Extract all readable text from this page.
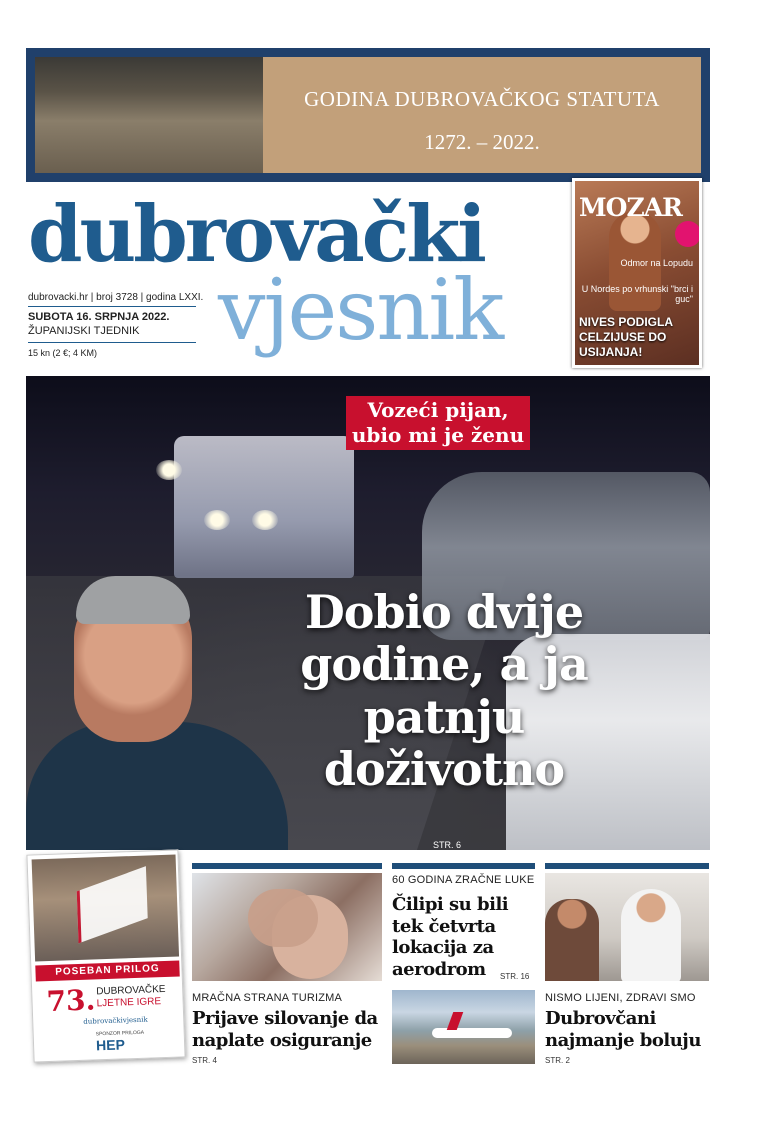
GODINA DUBROVAČKOG STATUTA
1272. – 2022.
dubrovački
vjesnik
dubrovacki.hr | broj 3728 | godina LXXI.
SUBOTA 16. SRPNJA 2022.
ŽUPANIJSKI TJEDNIK
15 kn (2 €; 4 KM)
MOZAR
Odmor na Lopudu
U Nordes po vrhunski "brci i guc"
NIVES PODIGLA CELZIJUSE DO USIJANJA!
Vozeći pijan, ubio mi je ženu
Dobio dvije godine, a ja patnju doživotno
STR. 6
POSEBAN PRILOG
73. DUBROVAČKE
LJETNE IGRE
dubrovačkivjesnik
SPONZOR PRILOGA
HEP
MRAČNA STRANA TURIZMA
Prijave silovanje da naplate osiguranje
STR. 4
60 GODINA ZRAČNE LUKE
Čilipi su bili tek četvrta lokacija za aerodrom	STR. 16
NISMO LIJENI, ZDRAVI SMO
Dubrovčani najmanje boluju
STR. 2
